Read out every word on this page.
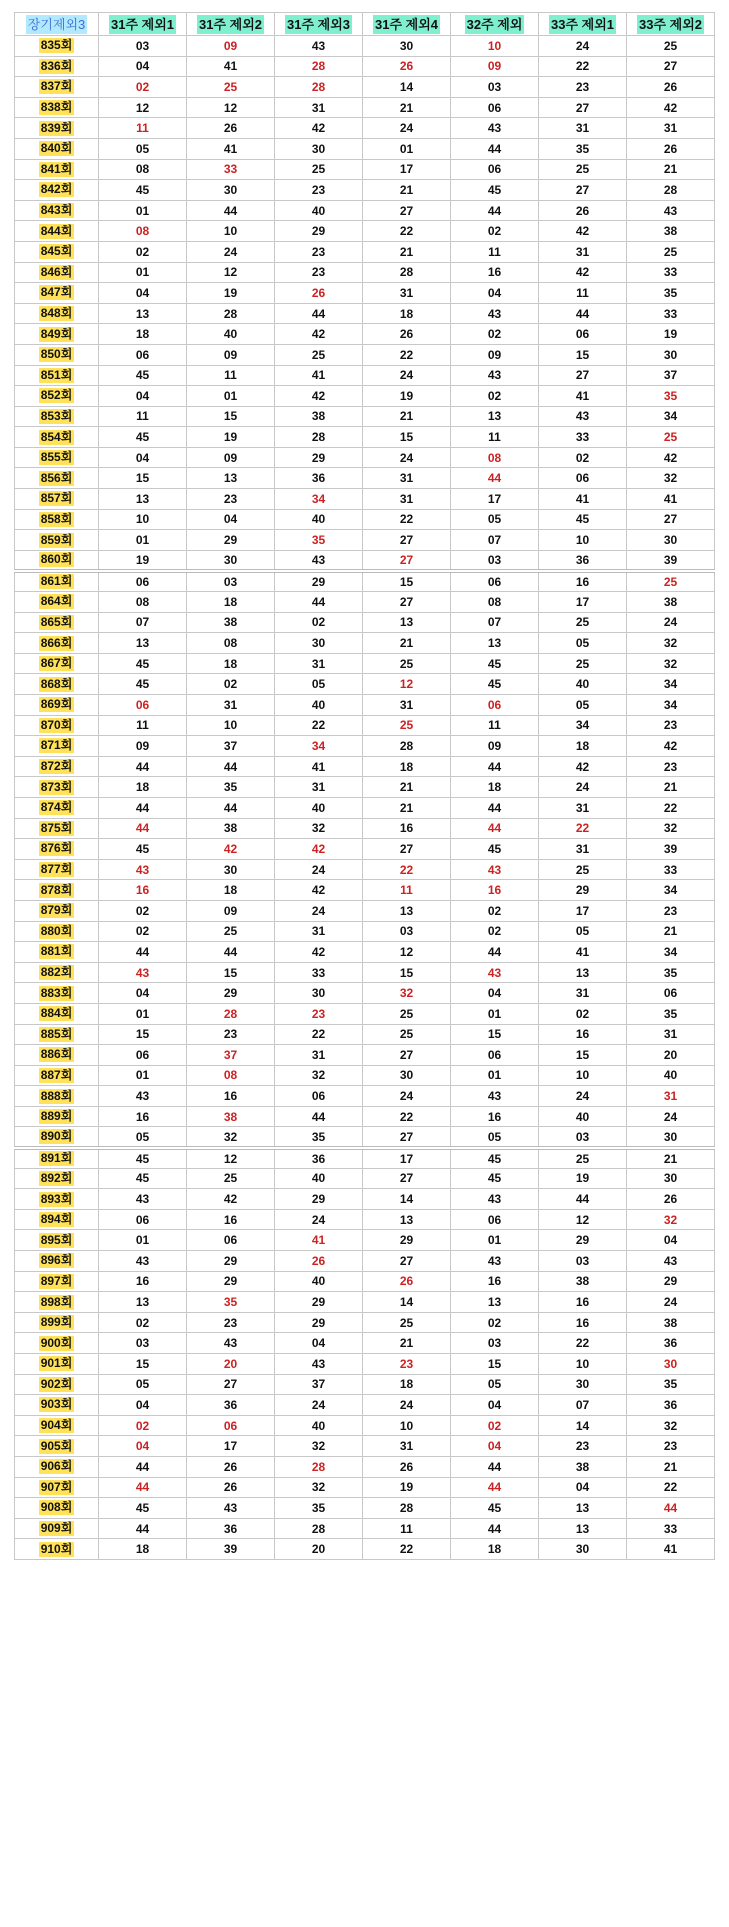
장기제외3	31주 제외1	31주 제외2	31주 제외3	31주 제외4	32주 제외	33주 제외1	33주 제외2
835회	03	09	43	30	10	24	25
836회	04	41	28	26	09	22	27
837회	02	25	28	14	03	23	26
838회	12	12	31	21	06	27	42
839회	11	26	42	24	43	31	31
840회	05	41	30	01	44	35	26
841회	08	33	25	17	06	25	21
842회	45	30	23	21	45	27	28
843회	01	44	40	27	44	26	43
844회	08	10	29	22	02	42	38
845회	02	24	23	21	11	31	25
846회	01	12	23	28	16	42	33
847회	04	19	26	31	04	11	35
848회	13	28	44	18	43	44	33
849회	18	40	42	26	02	06	19
850회	06	09	25	22	09	15	30
851회	45	11	41	24	43	27	37
852회	04	01	42	19	02	41	35
853회	11	15	38	21	13	43	34
854회	45	19	28	15	11	33	25
855회	04	09	29	24	08	02	42
856회	15	13	36	31	44	06	32
857회	13	23	34	31	17	41	41
858회	10	04	40	22	05	45	27
859회	01	29	35	27	07	10	30
860회	19	30	43	27	03	36	39
861회	06	03	29	15	06	16	25
864회	08	18	44	27	08	17	38
865회	07	38	02	13	07	25	24
866회	13	08	30	21	13	05	32
867회	45	18	31	25	45	25	32
868회	45	02	05	12	45	40	34
869회	06	31	40	31	06	05	34
870회	11	10	22	25	11	34	23
871회	09	37	34	28	09	18	42
872회	44	44	41	18	44	42	23
873회	18	35	31	21	18	24	21
874회	44	44	40	21	44	31	22
875회	44	38	32	16	44	22	32
876회	45	42	42	27	45	31	39
877회	43	30	24	22	43	25	33
878회	16	18	42	11	16	29	34
879회	02	09	24	13	02	17	23
880회	02	25	31	03	02	05	21
881회	44	44	42	12	44	41	34
882회	43	15	33	15	43	13	35
883회	04	29	30	32	04	31	06
884회	01	28	23	25	01	02	35
885회	15	23	22	25	15	16	31
886회	06	37	31	27	06	15	20
887회	01	08	32	30	01	10	40
888회	43	16	06	24	43	24	31
889회	16	38	44	22	16	40	24
890회	05	32	35	27	05	03	30
891회	45	12	36	17	45	25	21
892회	45	25	40	27	45	19	30
893회	43	42	29	14	43	44	26
894회	06	16	24	13	06	12	32
895회	01	06	41	29	01	29	04
896회	43	29	26	27	43	03	43
897회	16	29	40	26	16	38	29
898회	13	35	29	14	13	16	24
899회	02	23	29	25	02	16	38
900회	03	43	04	21	03	22	36
901회	15	20	43	23	15	10	30
902회	05	27	37	18	05	30	35
903회	04	36	24	24	04	07	36
904회	02	06	40	10	02	14	32
905회	04	17	32	31	04	23	23
906회	44	26	28	26	44	38	21
907회	44	26	32	19	44	04	22
908회	45	43	35	28	45	13	44
909회	44	36	28	11	44	13	33
910회	18	39	20	22	18	30	41
